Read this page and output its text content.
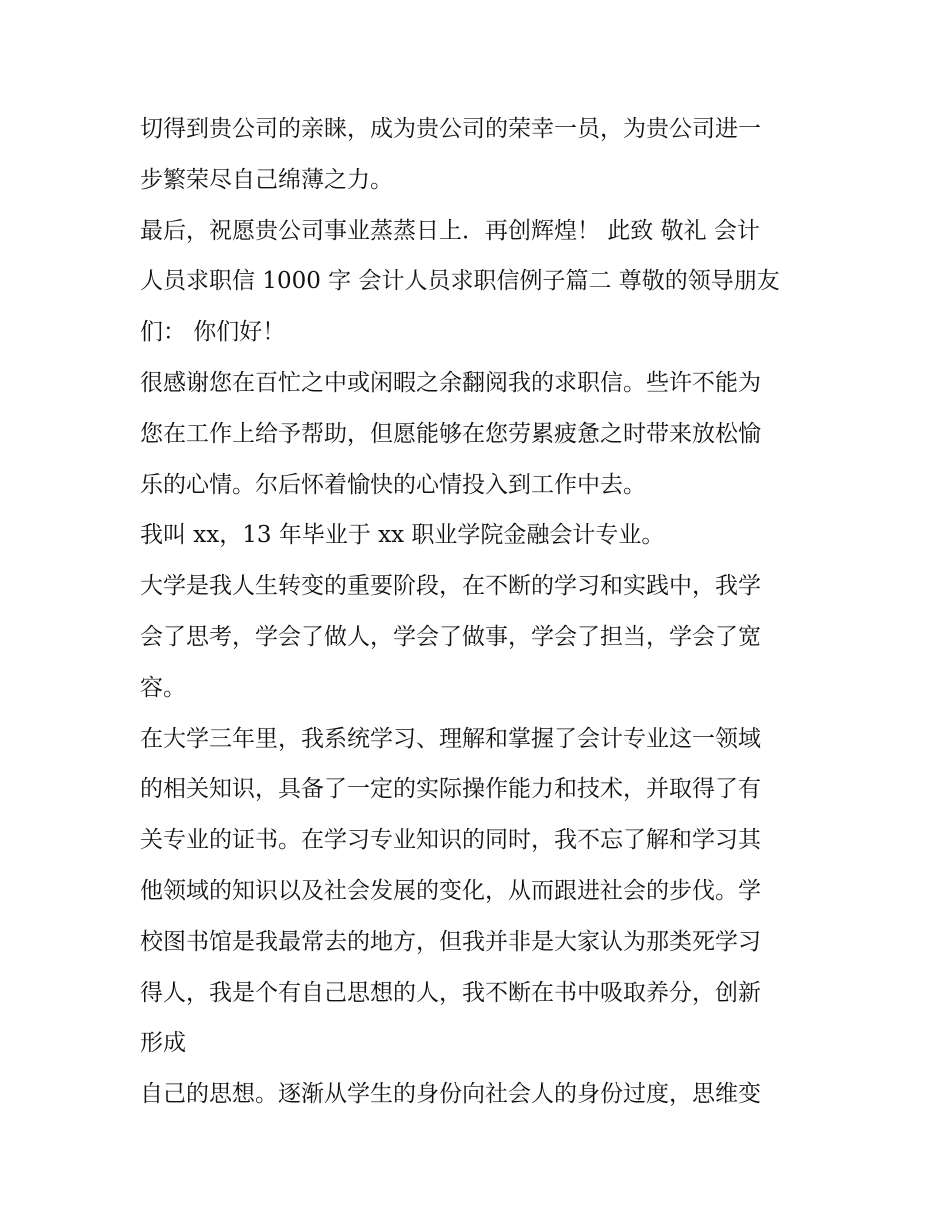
切得到贵公司的亲睐，成为贵公司的荣幸一员，为贵公司进一
步繁荣尽自己绵薄之力。

最后，祝愿贵公司事业蒸蒸日上．再创辉煌！ 此致 敬礼 会计
人员求职信 1000 字 会计人员求职信例子篇二 尊敬的领导朋友
们： 你们好！

很感谢您在百忙之中或闲暇之余翻阅我的求职信。些许不能为
您在工作上给予帮助，但愿能够在您劳累疲惫之时带来放松愉
乐的心情。尔后怀着愉快的心情投入到工作中去。

我叫 xx，13 年毕业于 xx 职业学院金融会计专业。

大学是我人生转变的重要阶段，在不断的学习和实践中，我学
会了思考，学会了做人，学会了做事，学会了担当，学会了宽
容。

在大学三年里，我系统学习、理解和掌握了会计专业这一领域
的相关知识，具备了一定的实际操作能力和技术，并取得了有
关专业的证书。在学习专业知识的同时，我不忘了解和学习其
他领域的知识以及社会发展的变化，从而跟进社会的步伐。学
校图书馆是我最常去的地方，但我并非是大家认为那类死学习
得人，我是个有自己思想的人，我不断在书中吸取养分，创新
形成

自己的思想。逐渐从学生的身份向社会人的身份过度，思维变
